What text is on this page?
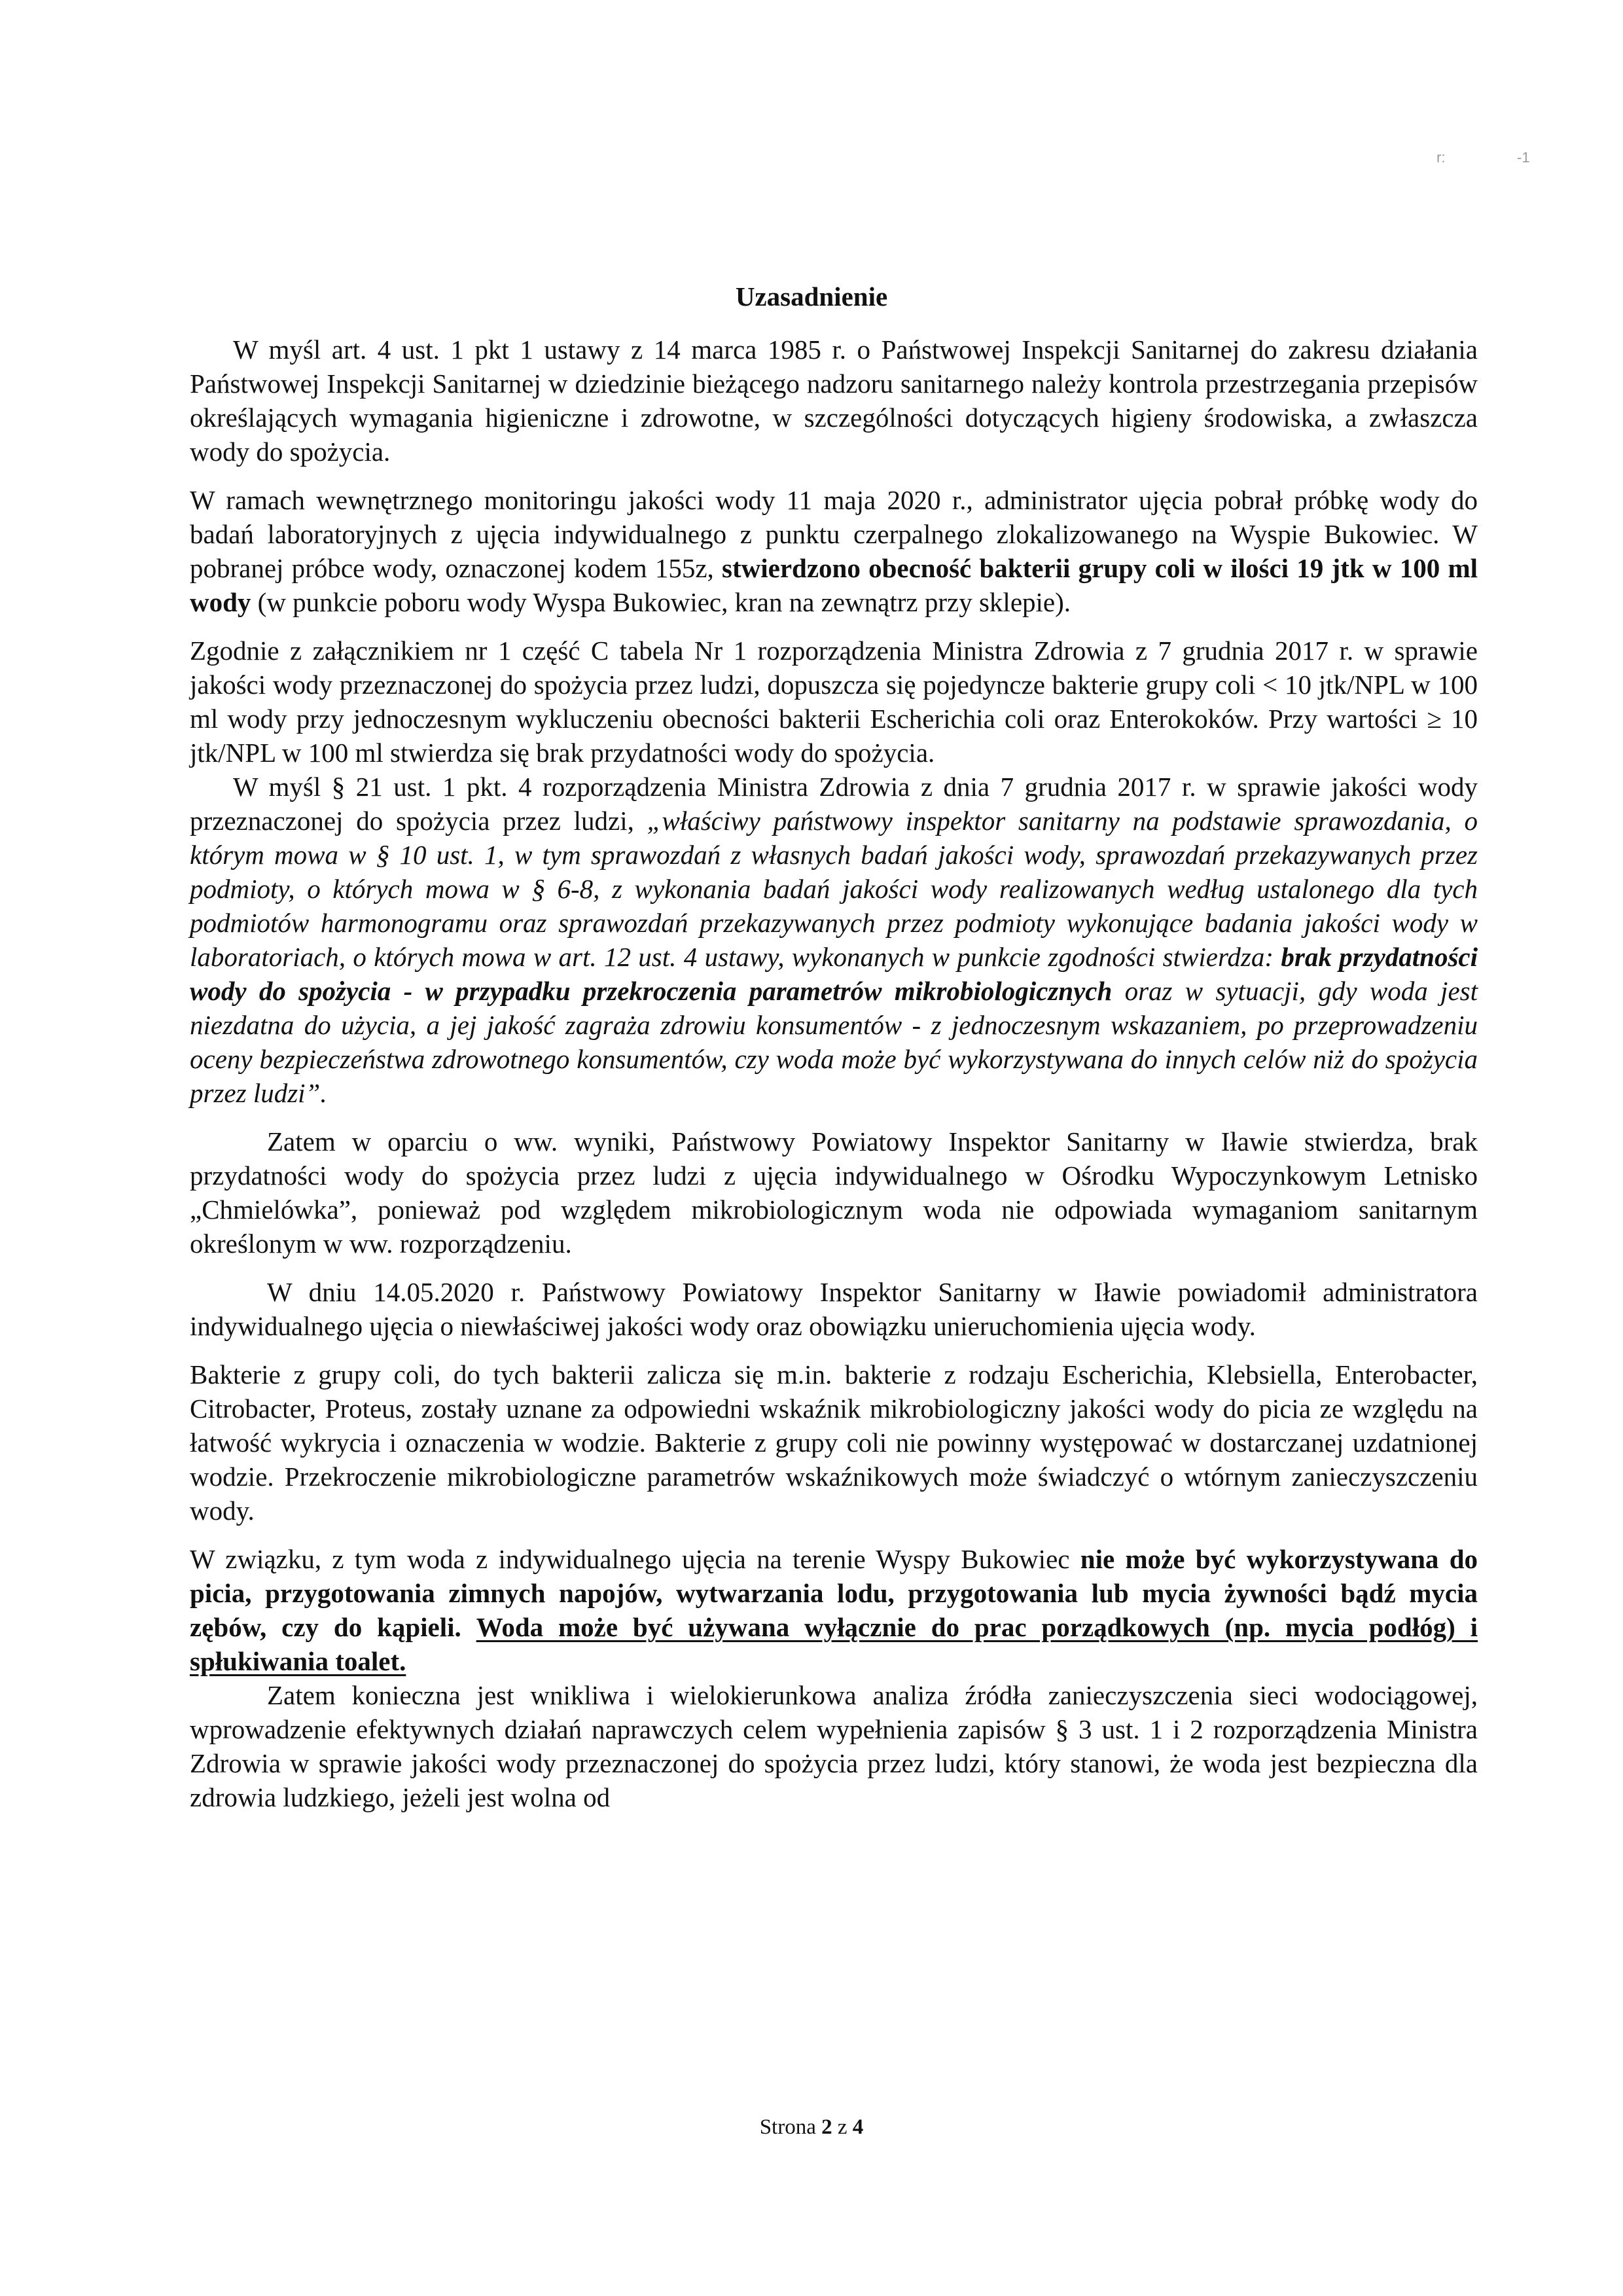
r:	-1
Uzasadnienie

W myśl art. 4 ust. 1 pkt 1 ustawy z 14 marca 1985 r. o Państwowej Inspekcji Sanitarnej do zakresu działania Państwowej Inspekcji Sanitarnej w dziedzinie bieżącego nadzoru sanitarnego należy kontrola przestrzegania przepisów określających wymagania higieniczne i zdrowotne, w szczególności dotyczących higieny środowiska, a zwłaszcza wody do spożycia.

W ramach wewnętrznego monitoringu jakości wody 11 maja 2020 r., administrator ujęcia pobrał próbkę wody do badań laboratoryjnych z ujęcia indywidualnego z punktu czerpalnego zlokalizowanego na Wyspie Bukowiec. W pobranej próbce wody, oznaczonej kodem 155z, stwierdzono obecność bakterii grupy coli w ilości 19 jtk w 100 ml wody (w punkcie poboru wody Wyspa Bukowiec, kran na zewnątrz przy sklepie).

Zgodnie z załącznikiem nr 1 część C tabela Nr 1 rozporządzenia Ministra Zdrowia z 7 grudnia 2017 r. w sprawie jakości wody przeznaczonej do spożycia przez ludzi, dopuszcza się pojedyncze bakterie grupy coli < 10 jtk/NPL w 100 ml wody przy jednoczesnym wykluczeniu obecności bakterii Escherichia coli oraz Enterokoków. Przy wartości ≥ 10 jtk/NPL w 100 ml stwierdza się brak przydatności wody do spożycia.

W myśl § 21 ust. 1 pkt. 4 rozporządzenia Ministra Zdrowia z dnia 7 grudnia 2017 r. w sprawie jakości wody przeznaczonej do spożycia przez ludzi, „właściwy państwowy inspektor sanitarny na podstawie sprawozdania, o którym mowa w § 10 ust. 1, w tym sprawozdań z własnych badań jakości wody, sprawozdań przekazywanych przez podmioty, o których mowa w § 6-8, z wykonania badań jakości wody realizowanych według ustalonego dla tych podmiotów harmonogramu oraz sprawozdań przekazywanych przez podmioty wykonujące badania jakości wody w laboratoriach, o których mowa w art. 12 ust. 4 ustawy, wykonanych w punkcie zgodności stwierdza: brak przydatności wody do spożycia - w przypadku przekroczenia parametrów mikrobiologicznych oraz w sytuacji, gdy woda jest niezdatna do użycia, a jej jakość zagraża zdrowiu konsumentów - z jednoczesnym wskazaniem, po przeprowadzeniu oceny bezpieczeństwa zdrowotnego konsumentów, czy woda może być wykorzystywana do innych celów niż do spożycia przez ludzi”.

Zatem w oparciu o ww. wyniki, Państwowy Powiatowy Inspektor Sanitarny w Iławie stwierdza, brak przydatności wody do spożycia przez ludzi z ujęcia indywidualnego w Ośrodku Wypoczynkowym Letnisko „Chmielówka”, ponieważ pod względem mikrobiologicznym woda nie odpowiada wymaganiom sanitarnym określonym w ww. rozporządzeniu.

W dniu 14.05.2020 r. Państwowy Powiatowy Inspektor Sanitarny w Iławie powiadomił administratora indywidualnego ujęcia o niewłaściwej jakości wody oraz obowiązku unieruchomienia ujęcia wody.

Bakterie z grupy coli, do tych bakterii zalicza się m.in. bakterie z rodzaju Escherichia, Klebsiella, Enterobacter, Citrobacter, Proteus, zostały uznane za odpowiedni wskaźnik mikrobiologiczny jakości wody do picia ze względu na łatwość wykrycia i oznaczenia w wodzie. Bakterie z grupy coli nie powinny występować w dostarczanej uzdatnionej wodzie. Przekroczenie mikrobiologiczne parametrów wskaźnikowych może świadczyć o wtórnym zanieczyszczeniu wody.

W związku, z tym woda z indywidualnego ujęcia na terenie Wyspy Bukowiec nie może być wykorzystywana do picia, przygotowania zimnych napojów, wytwarzania lodu, przygotowania lub mycia żywności bądź mycia zębów, czy do kąpieli. Woda może być używana wyłącznie do prac porządkowych (np. mycia podłóg) i spłukiwania toalet.

Zatem konieczna jest wnikliwa i wielokierunkowa analiza źródła zanieczyszczenia sieci wodociągowej, wprowadzenie efektywnych działań naprawczych celem wypełnienia zapisów § 3 ust. 1 i 2 rozporządzenia Ministra Zdrowia w sprawie jakości wody przeznaczonej do spożycia przez ludzi, który stanowi, że woda jest bezpieczna dla zdrowia ludzkiego, jeżeli jest wolna od

Strona 2 z 4
